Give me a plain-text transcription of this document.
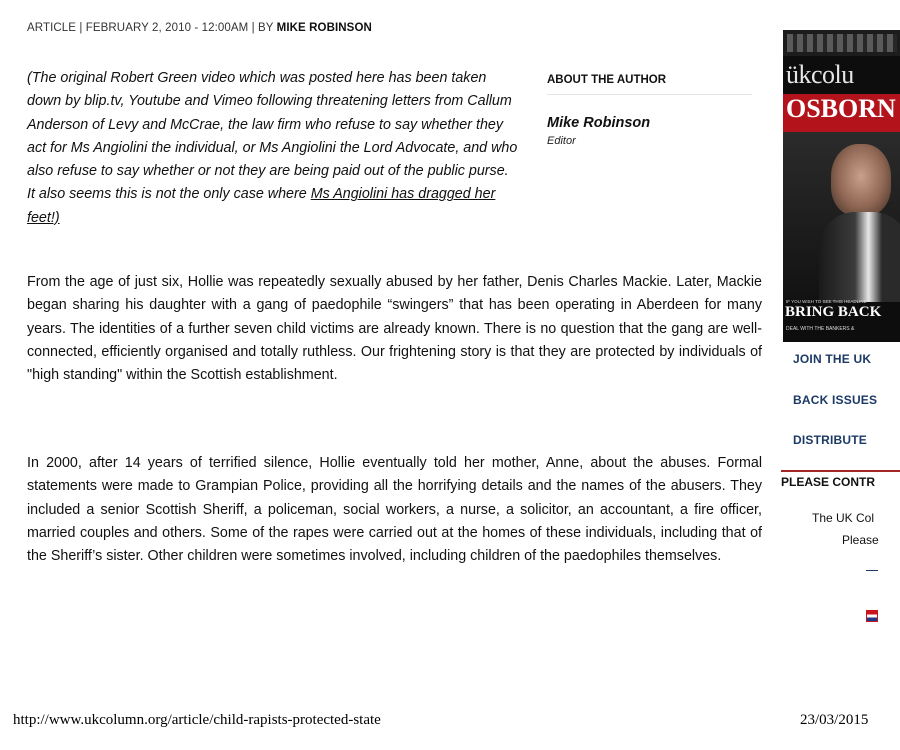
ARTICLE | FEBRUARY 2, 2010 - 12:00AM | BY MIKE ROBINSON
(The original Robert Green video which was posted here has been taken down by blip.tv, Youtube and Vimeo following threatening letters from Callum Anderson of Levy and McCrae, the law firm who refuse to say whether they act for Ms Angiolini the individual, or Ms Angiolini the Lord Advocate, and who also refuse to say whether or not they are being paid out of the public purse. It also seems this is not the only case where Ms Angiolini has dragged her feet!)
ABOUT THE AUTHOR
Mike Robinson
Editor

From the age of just six, Hollie was repeatedly sexually abused by her father, Denis Charles Mackie. Later, Mackie began sharing his daughter with a gang of paedophile “swingers” that has been operating in Aberdeen for many years. The identities of a further seven child victims are already known. There is no question that the gang are well-connected, efficiently organised and totally ruthless. Our frightening story is that they are protected by individuals of "high standing" within the Scottish establishment.

In 2000, after 14 years of terrified silence, Hollie eventually told her mother, Anne, about the abuses. Formal statements were made to Grampian Police, providing all the horrifying details and the names of the abusers. They included a senior Scottish Sheriff, a policeman, social workers, a nurse, a solicitor, an accountant, a fire officer, married couples and others. Some of the rapes were carried out at the homes of these individuals, including that of the Sheriff’s sister. Other children were sometimes involved, including children of the paedophiles themselves.

ükcolu
OSBORN
IF YOU WISH TO SEE THIS HEADLINE
BRING BACK
DEAL WITH THE BANKERS &
JOIN THE UK
BACK ISSUES
DISTRIBUTE
PLEASE CONTR
The UK Col
Please
http://www.ukcolumn.org/article/child-rapists-protected-state	23/03/2015
